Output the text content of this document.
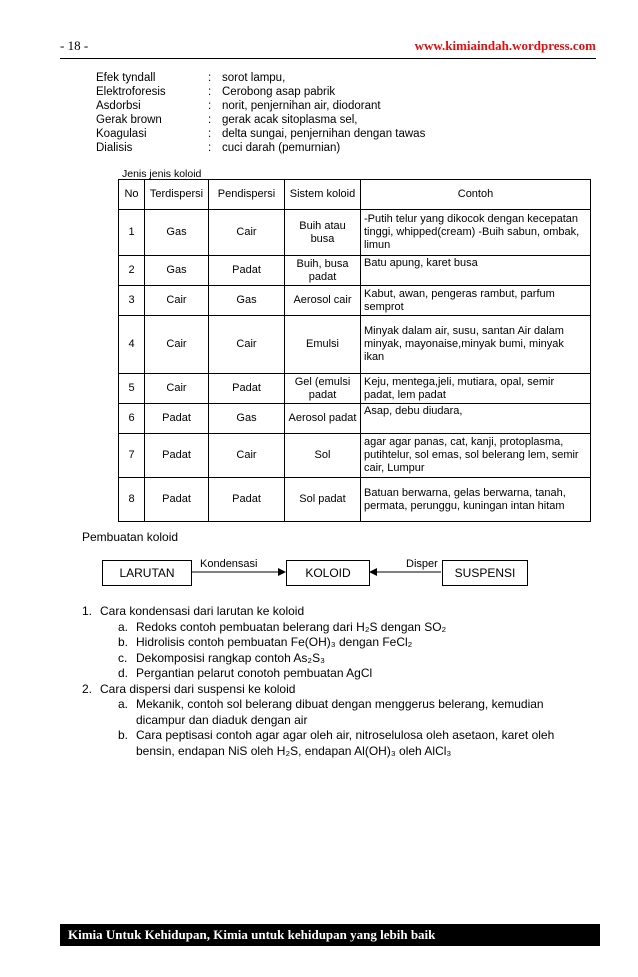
- 18 -	www.kimiaindah.wordpress.com
Efek tyndall	: sorot lampu,
Elektroforesis	: Cerobong asap pabrik
Asdorbsi	: norit, penjernihan air, diodorant
Gerak brown	: gerak acak sitoplasma sel,
Koagulasi	: delta sungai, penjernihan dengan tawas
Dialisis	: cuci darah (pemurnian)
Jenis jenis koloid
No	Terdispersi	Pendispersi	Sistem koloid	Contoh
1	Gas	Cair	Buih atau busa	-Putih telur yang dikocok dengan kecepatan tinggi, whipped(cream) -Buih sabun, ombak, limun
2	Gas	Padat	Buih, busa padat	Batu apung, karet busa
3	Cair	Gas	Aerosol cair	Kabut, awan, pengeras rambut, parfum semprot
4	Cair	Cair	Emulsi	Minyak dalam air, susu, santan Air dalam minyak, mayonaise,minyak bumi, minyak ikan
5	Cair	Padat	Gel (emulsi padat	Keju, mentega,jeli, mutiara, opal, semir padat, lem padat
6	Padat	Gas	Aerosol padat	Asap, debu diudara,
7	Padat	Cair	Sol	agar agar panas, cat, kanji, protoplasma, putihtelur, sol emas, sol belerang lem, semir cair, Lumpur
8	Padat	Padat	Sol padat	Batuan berwarna, gelas berwarna, tanah, permata, perunggu, kuningan intan hitam
Pembuatan koloid
LARUTAN	KOLOID	SUSPENSI
Kondensasi	Disper
1. Cara kondensasi dari larutan ke koloid
a. Redoks contoh pembuatan belerang dari H₂S dengan SO₂
b. Hidrolisis contoh pembuatan Fe(OH)₃ dengan FeCl₂
c. Dekomposisi rangkap contoh As₂S₃
d. Pergantian pelarut conotoh pembuatan AgCl
2. Cara dispersi dari suspensi ke koloid
a. Mekanik, contoh sol belerang dibuat dengan menggerus belerang, kemudian dicampur dan diaduk dengan air
b. Cara peptisasi contoh agar agar oleh air, nitroselulosa oleh asetaon, karet oleh bensin, endapan NiS oleh H₂S, endapan Al(OH)₃ oleh AlCl₃
Kimia Untuk Kehidupan, Kimia untuk kehidupan yang lebih baik
